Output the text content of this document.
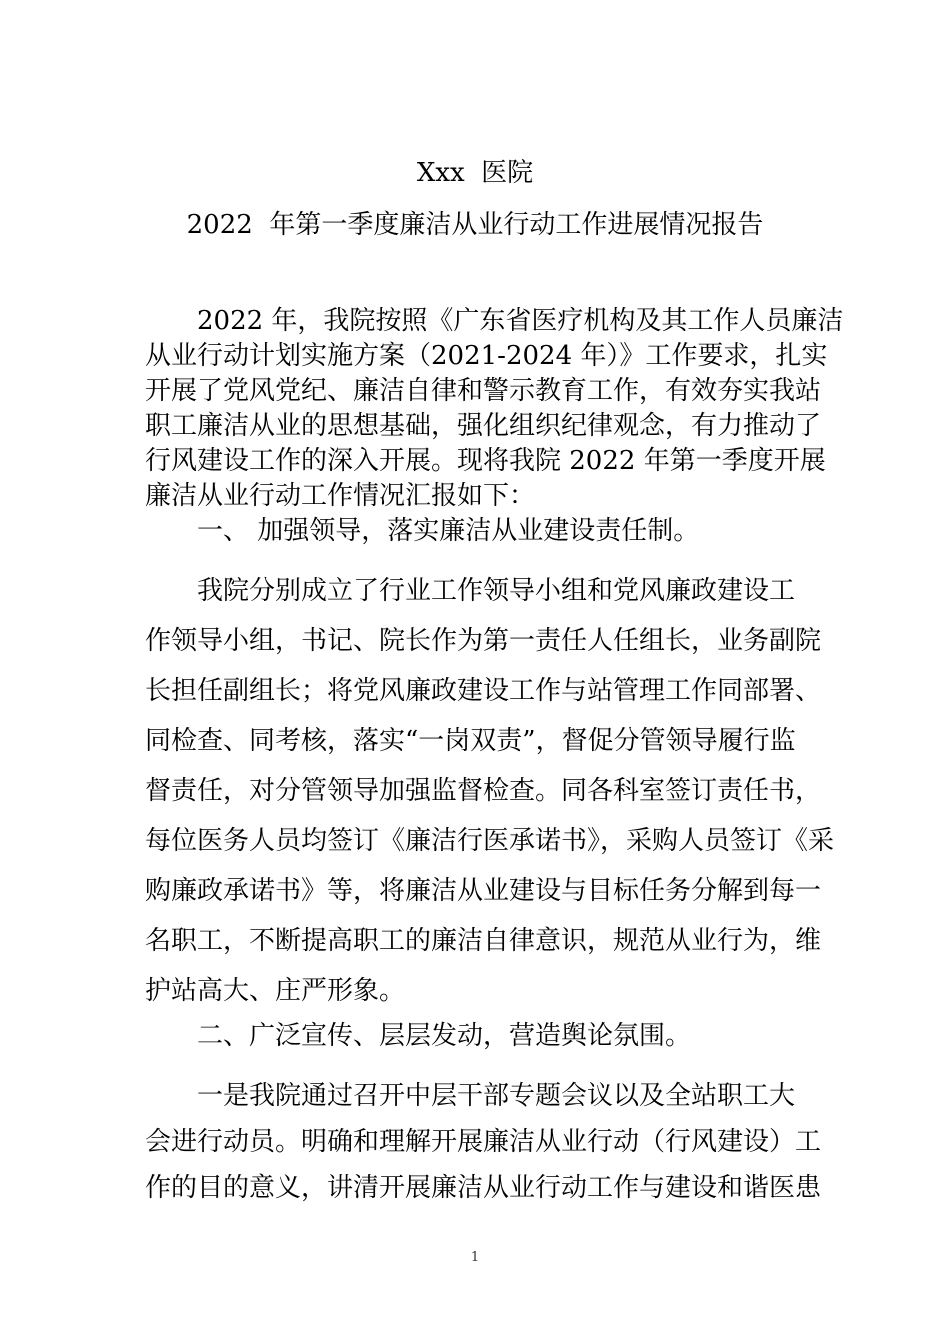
Xxx  医院
2022  年第一季度廉洁从业行动工作进展情况报告
2022 年，我院按照《广东省医疗机构及其工作人员廉洁
从业行动计划实施方案（2021-2024 年）》工作要求，扎实
开展了党风党纪、廉洁自律和警示教育工作，有效夯实我站
职工廉洁从业的思想基础，强化组织纪律观念，有力推动了
行风建设工作的深入开展。现将我院 2022 年第一季度开展
廉洁从业行动工作情况汇报如下：
一、 加强领导，落实廉洁从业建设责任制。
我院分别成立了行业工作领导小组和党风廉政建设工
作领导小组，书记、院长作为第一责任人任组长，业务副院
长担任副组长；将党风廉政建设工作与站管理工作同部署、
同检查、同考核，落实“一岗双责”，督促分管领导履行监
督责任，对分管领导加强监督检查。同各科室签订责任书，
每位医务人员均签订《廉洁行医承诺书》，采购人员签订《采
购廉政承诺书》等，将廉洁从业建设与目标任务分解到每一
名职工，不断提高职工的廉洁自律意识，规范从业行为，维
护站高大、庄严形象。
二、广泛宣传、层层发动，营造舆论氛围。
一是我院通过召开中层干部专题会议以及全站职工大
会进行动员。明确和理解开展廉洁从业行动（行风建设）工
作的目的意义，讲清开展廉洁从业行动工作与建设和谐医患
1
